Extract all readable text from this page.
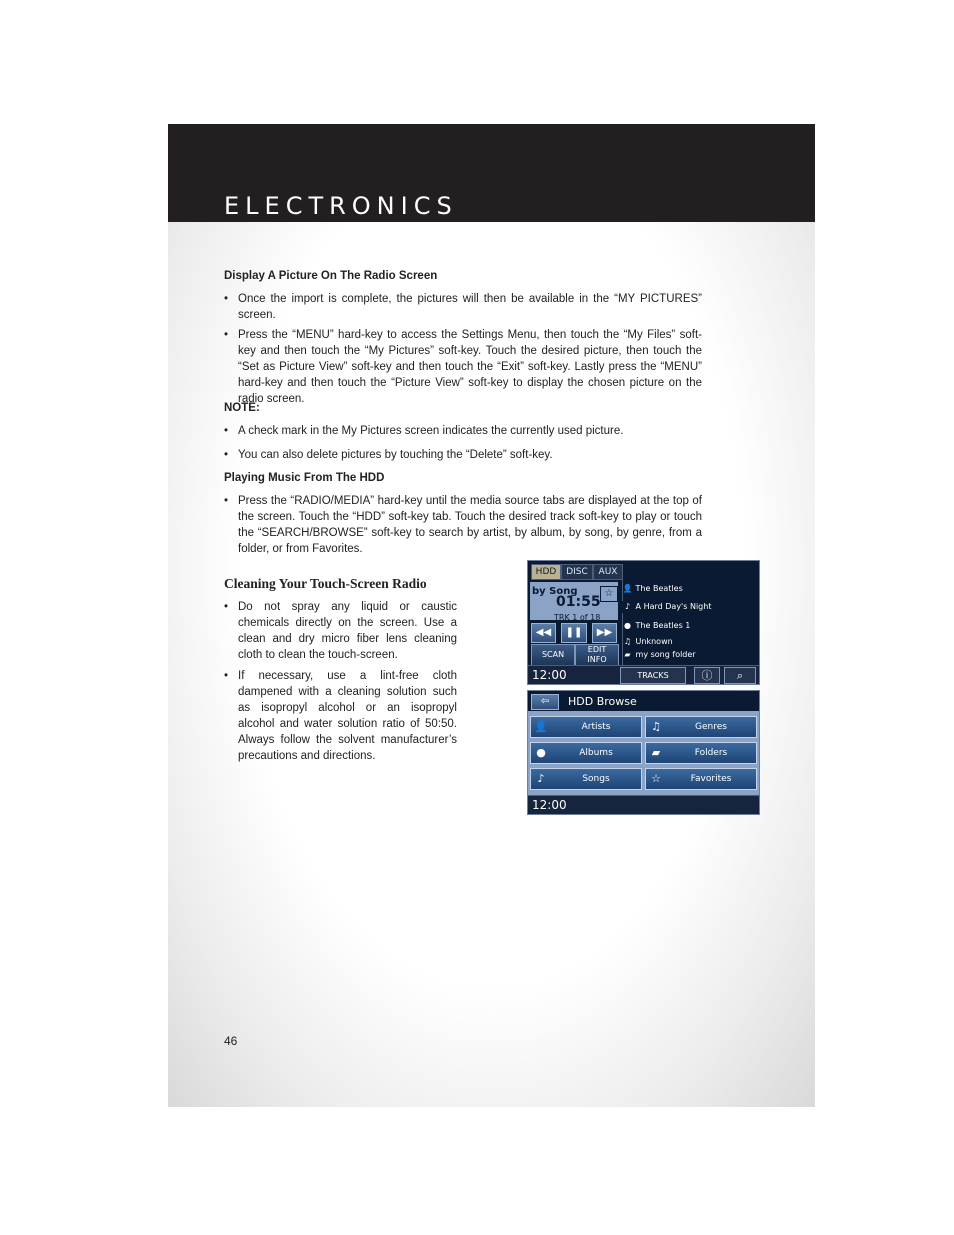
ELECTRONICS
Display A Picture On The Radio Screen
• Once the import is complete, the pictures will then be available in the “MY PICTURES” screen.
• Press the “MENU” hard-key to access the Settings Menu, then touch the “My Files” soft-key and then touch the “My Pictures” soft-key. Touch the desired picture, then touch the “Set as Picture View” soft-key and then touch the “Exit” soft-key. Lastly press the “MENU” hard-key and then touch the “Picture View” soft-key to display the chosen picture on the radio screen.
NOTE:
• A check mark in the My Pictures screen indicates the currently used picture.
• You can also delete pictures by touching the “Delete” soft-key.
Playing Music From The HDD
• Press the “RADIO/MEDIA” hard-key until the media source tabs are displayed at the top of the screen. Touch the “HDD” soft-key tab. Touch the desired track soft-key to play or touch the “SEARCH/BROWSE” soft-key to search by artist, by album, by song, by genre, from a folder, or from Favorites.
Cleaning Your Touch-Screen Radio
• Do not spray any liquid or caustic chemicals directly on the screen. Use a clean and dry micro fiber lens cleaning cloth to clean the touch-screen.
• If necessary, use a lint-free cloth dampened with a cleaning solution such as isopropyl alcohol or an isopropyl alcohol and water solution ratio of 50:50. Always follow the solvent manufacturer’s precautions and directions.
HDD	DISC	AUX
by Song
01:55
TRK 1 of 18
☆
◀◀	❚❚	▶▶
SCAN
EDIT
INFO
👤 The Beatles
♪ A Hard Day's Night
● The Beatles 1
♫ Unknown
▰ my song folder
12:00	TRACKS	ⓘ	⌕
⇦	HDD Browse
👤	Artists	♫	Genres
●	Albums	▰	Folders
♪	Songs	☆	Favorites
12:00
46
